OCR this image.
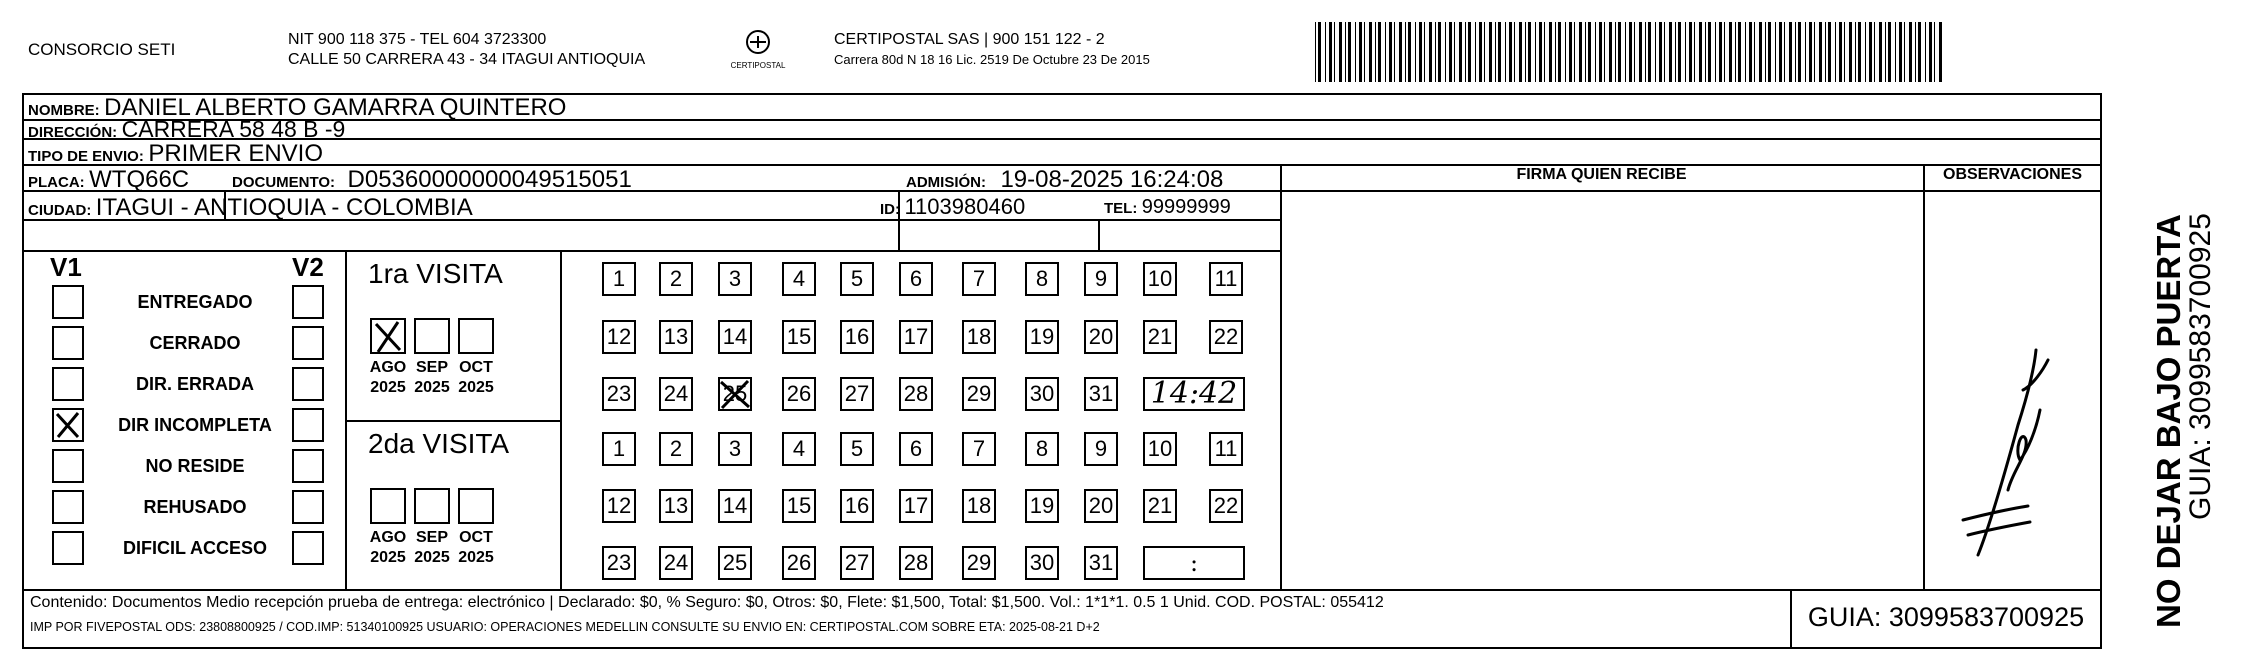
CONSORCIO SETI
NIT 900 118 375 - TEL 604 3723300
CALLE 50 CARRERA 43 - 34 ITAGUI ANTIOQUIA	CERTIPOSTAL
CERTIPOSTAL SAS | 900 151 122 - 2
Carrera 80d N 18 16 Lic. 2519 De Octubre 23 De 2015
NOMBRE: DANIEL ALBERTO GAMARRA QUINTERO
DIRECCIÓN: CARRERA 58 48 B -9
TIPO DE ENVIO: PRIMER ENVIO
PLACA: WTQ66C	DOCUMENTO: D05360000000049515051	ADMISIÓN: 19-08-2025 16:24:08
CIUDAD: ITAGUI - ANTIOQUIA - COLOMBIA	ID: 1103980460	TEL: 99999999
FIRMA QUIEN RECIBE	OBSERVACIONES
V1	V2
ENTREGADO
CERRADO
DIR. ERRADA
DIR INCOMPLETA
NO RESIDE
REHUSADO
DIFICIL ACCESO
1ra VISITA
2da VISITA
AGO
2025
SEP
2025
OCT
2025
AGO
2025
SEP
2025
OCT
2025
1	2	3	4	5	6	7	8	9	10 11
12 13 14 15 16 17 18 19 20 21 22
23 24 25 26 27 28 29 30 31 14:42
1	2	3	4	5	6	7	8	9	10 11
12 13 14 15 16 17 18 19 20 21 22
23 24 25 26 27 28 29 30 31	:
Contenido: Documentos Medio recepción prueba de entrega: electrónico | Declarado: $0, % Seguro: $0, Otros: $0, Flete: $1,500, Total: $1,500. Vol.: 1*1*1. 0.5 1 Unid. COD. POSTAL: 055412
IMP POR FIVEPOSTAL ODS: 23808800925 / COD.IMP: 51340100925 USUARIO: OPERACIONES MEDELLIN CONSULTE SU ENVIO EN: CERTIPOSTAL.COM SOBRE ETA: 2025-08-21 D+2	GUIA: 3099583700925	NO DEJAR BAJO PUERTA
GUIA: 3099583700925
